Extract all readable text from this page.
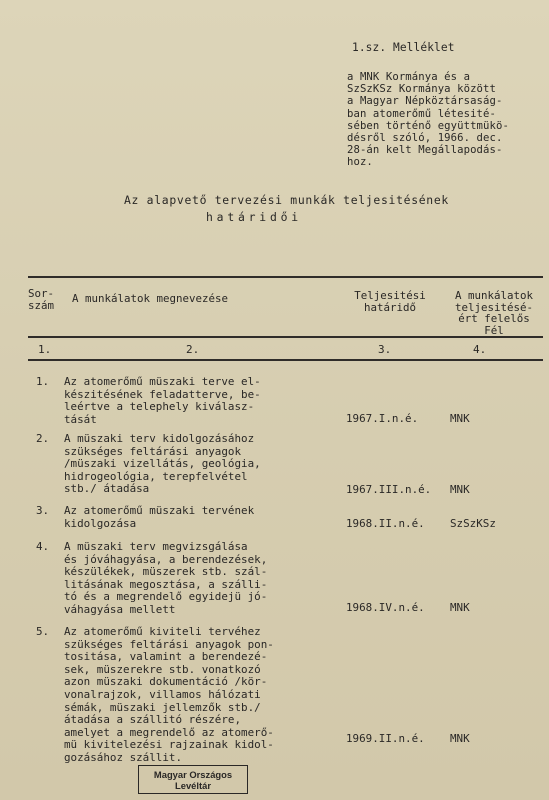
1.sz. Melléklet
a MNK Kormánya és a
SzSzKSz Kormánya között
a Magyar Népköztársaság-
ban atomerőmű létesité-
sében történő együttmükö-
désről szóló, 1966. dec.
28-án kelt Megállapodás-
hoz.
Az alapvető tervezési munkák teljesitésének
határidői
Sor-
szám	A munkálatok megnevezése	Teljesitési
határidő
A munkálatok
teljesitésé-
ért felelős
Fél
1.	2.	3.	4.
1. Az atomerőmű müszaki terve el-
készitésének feladatterve, be-
leértve a telephely kiválasz-
tását	1967.I.n.é.	MNK
2. A müszaki terv kidolgozásához
szükséges feltárási anyagok
/müszaki vizellátás, geológia,
hidrogeológia, terepfelvétel
stb./ átadása	1967.III.n.é. MNK
3. Az atomerőmű müszaki tervének
kidolgozása	1968.II.n.é. SzSzKSz
4. A müszaki terv megvizsgálása
és jóváhagyása, a berendezések,
készülékek, müszerek stb. szál-
litásának megosztása, a szálli-
tó és a megrendelő egyidejü jó-
váhagyása mellett	1968.IV.n.é. MNK
5. Az atomerőmű kiviteli tervéhez
szükséges feltárási anyagok pon-
tositása, valamint a berendezé-
sek, müszerekre stb. vonatkozó
azon müszaki dokumentáció /kör-
vonalrajzok, villamos hálózati
sémák, müszaki jellemzők stb./
átadása a szállitó részére,
amelyet a megrendelő az atomerő-
mü kivitelezési rajzainak kidol-
gozásához szállit.
1969.II.n.é. MNK
Magyar Országos
Levéltár
